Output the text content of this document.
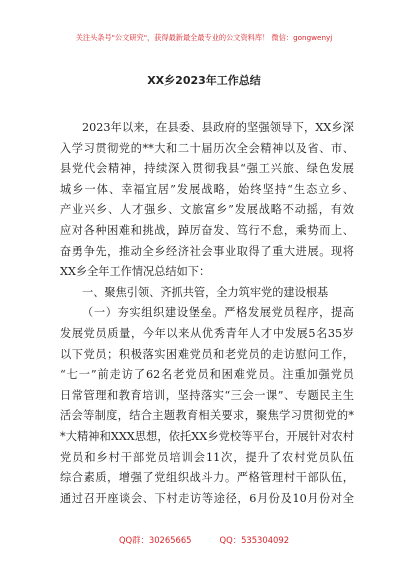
关注头条号"公文研究"，获得最新最全最专业的公文资料库！ 微信：gongwenyj
XX乡2023年工作总结
2023年以来，在县委、县政府的坚强领导下，XX乡深
入学习贯彻党的**大和二十届历次全会精神以及省、市、
县党代会精神，持续深入贯彻我县“强工兴旅、绿色发展
城乡一体、幸福宜居”发展战略，始终坚持“生态立乡、
产业兴乡、人才强乡、文旅富乡”发展战略不动摇，有效
应对各种困难和挑战，踔厉奋发、笃行不怠，乘势而上、
奋勇争先，推动全乡经济社会事业取得了重大进展。现将
XX乡全年工作情况总结如下：
一、聚焦引领、齐抓共管，全力筑牢党的建设根基
（一）夯实组织建设堡垒。严格发展党员程序，提高
发展党员质量，今年以来从优秀青年人才中发展5名35岁
以下党员；积极落实困难党员和老党员的走访慰问工作，
“七一”前走访了62名老党员和困难党员。注重加强党员
日常管理和教育培训，坚持落实“三会一课”、专题民主生
活会等制度，结合主题教育相关要求，聚焦学习贯彻党的*
*大精神和XXX思想，依托XX乡党校等平台，开展针对农村
党员和乡村干部党员培训会11次，提升了农村党员队伍
综合素质，增强了党组织战斗力。严格管理村干部队伍，
通过召开座谈会、下村走访等途径，6月份及10月份对全
QQ群：30265665	QQ：535304092
